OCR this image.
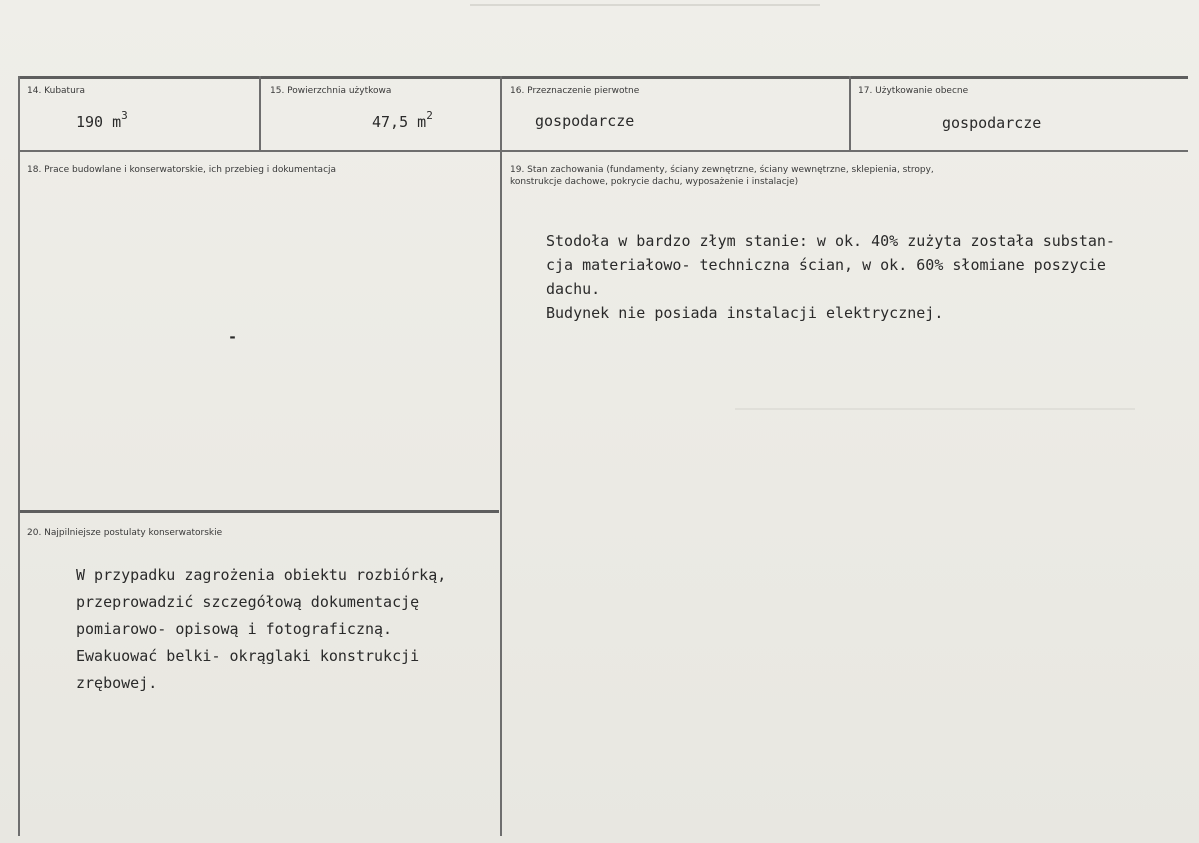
14. Kubatura
190 $m^3$
15. Powierzchnia użytkowa
47,5 $m^2$
16. Przeznaczenie pierwotne
gospodarcze
17. Użytkowanie obecne
gospodarcze
18. Prace budowlane i konserwatorskie, ich przebieg i dokumentacja
-
19. Stan zachowania (fundamenty, ściany zewnętrzne, ściany wewnętrzne, sklepienia, stropy,
konstrukcje dachowe, pokrycie dachu, wyposażenie i instalacje)
Stodoła w bardzo złym stanie: w ok. 40% zużyta została substan-
cja materiałowo- techniczna ścian, w ok. 60% słomiane poszycie
dachu.
Budynek nie posiada instalacji elektrycznej.
20. Najpilniejsze postulaty konserwatorskie
W przypadku zagrożenia obiektu rozbiórką,
przeprowadzić szczegółową dokumentację
pomiarowo- opisową i fotograficzną.
Ewakuować belki- okrąglaki konstrukcji
zrębowej.
